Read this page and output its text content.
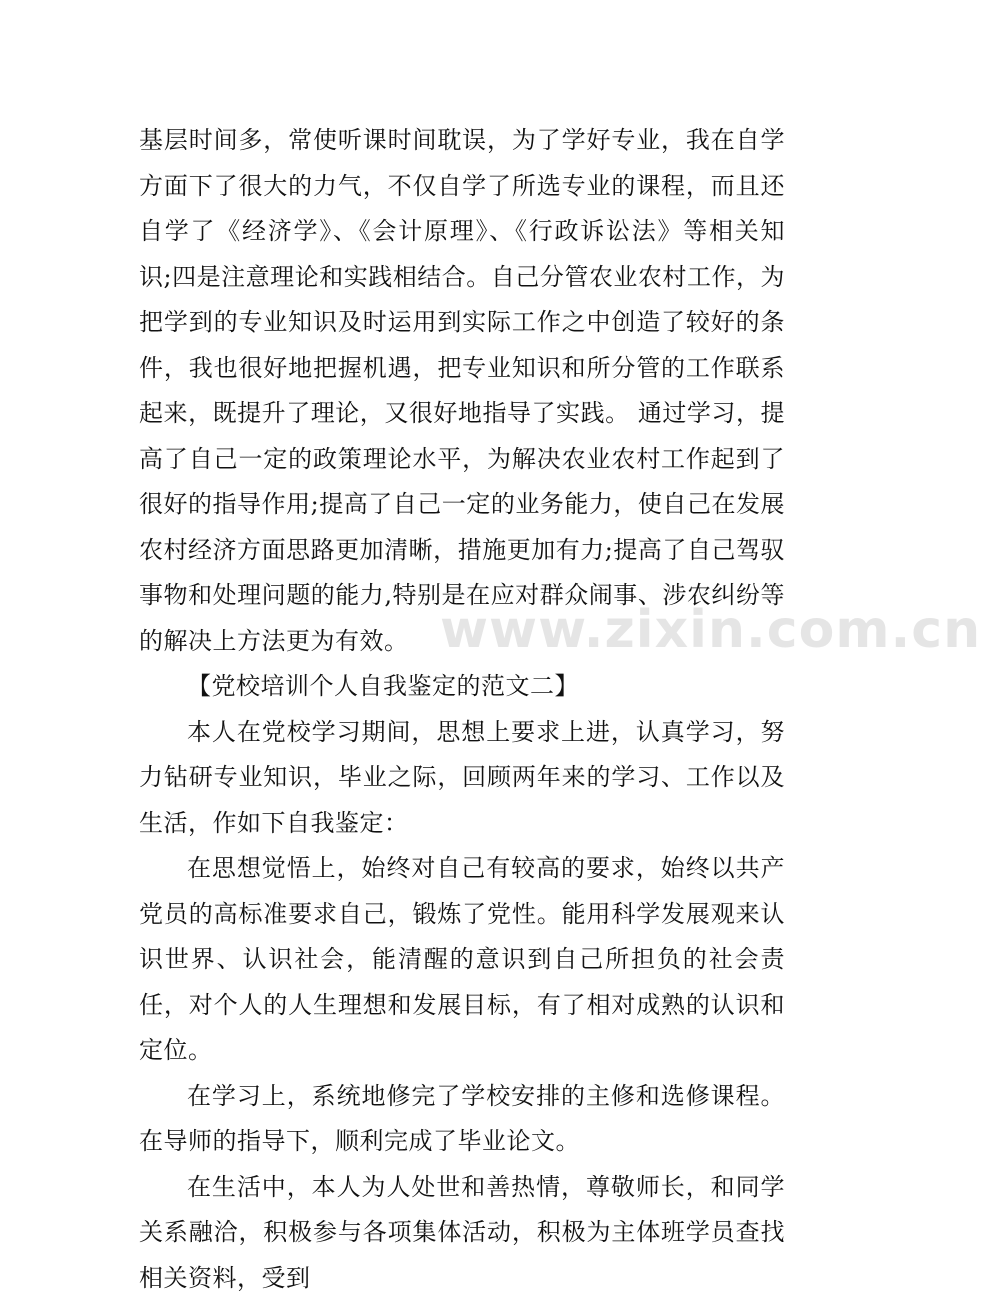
基层时间多，常使听课时间耽误，为了学好专业，我在自学方面下了很大的力气，不仅自学了所选专业的课程，而且还自学了《经济学》、《会计原理》、《行政诉讼法》等相关知识;四是注意理论和实践相结合。自己分管农业农村工作，为把学到的专业知识及时运用到实际工作之中创造了较好的条件，我也很好地把握机遇，把专业知识和所分管的工作联系起来，既提升了理论，又很好地指导了实践。 通过学习，提高了自己一定的政策理论水平，为解决农业农村工作起到了很好的指导作用;提高了自己一定的业务能力，使自己在发展农村经济方面思路更加清晰，措施更加有力;提高了自己驾驭事物和处理问题的能力,特别是在应对群众闹事、涉农纠纷等的解决上方法更为有效。

【党校培训个人自我鉴定的范文二】

本人在党校学习期间，思想上要求上进，认真学习，努力钻研专业知识，毕业之际，回顾两年来的学习、工作以及生活，作如下自我鉴定：

在思想觉悟上，始终对自己有较高的要求，始终以共产党员的高标准要求自己，锻炼了党性。能用科学发展观来认识世界、认识社会，能清醒的意识到自己所担负的社会责任，对个人的人生理想和发展目标，有了相对成熟的认识和定位。

在学习上，系统地修完了学校安排的主修和选修课程。在导师的指导下，顺利完成了毕业论文。

在生活中，本人为人处世和善热情，尊敬师长，和同学关系融洽，积极参与各项集体活动，积极为主体班学员查找相关资料，受到

www.zixin.com.cn
